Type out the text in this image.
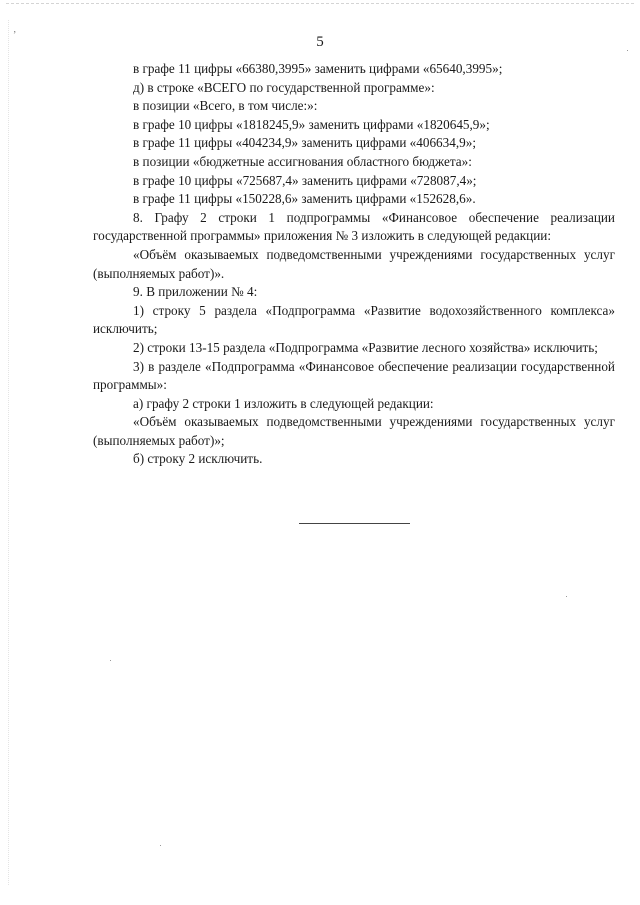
ʼ	5
в графе 11 цифры «66380,3995» заменить цифрами «65640,3995»;
д) в строке «ВСЕГО по государственной программе»:
в позиции «Всего, в том числе:»:
в графе 10 цифры «1818245,9» заменить цифрами «1820645,9»;
в графе 11 цифры «404234,9» заменить цифрами «406634,9»;
в позиции «бюджетные ассигнования областного бюджета»:
в графе 10 цифры «725687,4» заменить цифрами «728087,4»;
в графе 11 цифры «150228,6» заменить цифрами «152628,6».
8. Графу 2 строки 1 подпрограммы «Финансовое обеспечение реализации государственной программы» приложения № 3 изложить в следующей редакции:
«Объём оказываемых подведомственными учреждениями государственных услуг (выполняемых работ)».
9. В приложении № 4:
1) строку 5 раздела «Подпрограмма «Развитие водохозяйственного комплекса» исключить;
2) строки 13-15 раздела «Подпрограмма «Развитие лесного хозяйства» исключить;
3) в разделе «Подпрограмма «Финансовое обеспечение реализации государственной программы»:
а) графу 2 строки 1 изложить в следующей редакции:
«Объём оказываемых подведомственными учреждениями государственных услуг (выполняемых работ)»;
б) строку 2 исключить.
